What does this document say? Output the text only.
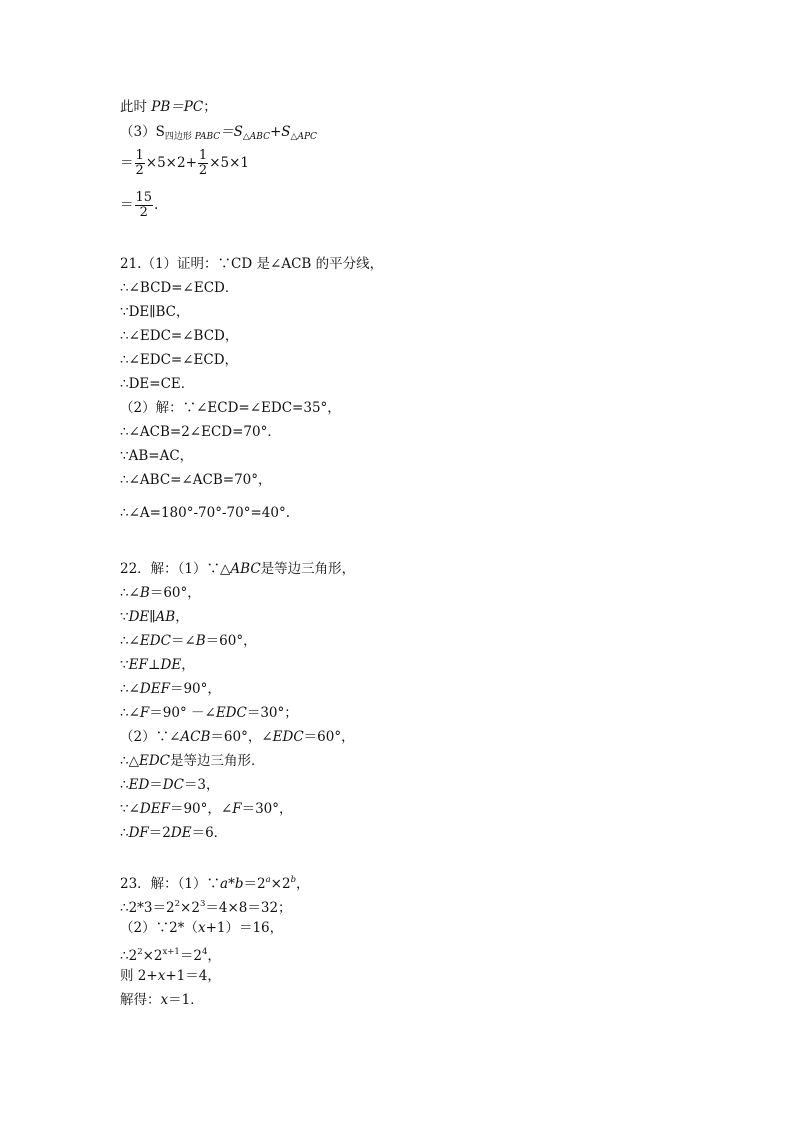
此时 PB＝PC；
$(3)S_{四边形}$ $_{PABC}=S_{\triangle ABC}+S_{\triangle APC}$
＝ $\frac{1}{2} \times 5\times 2+ \frac{1}{2} \times 5\times 1$
＝ $\frac{15}{2}$ .
21.（1）证明：∵CD 是∠ACB 的平分线，
∴∠BCD=∠ECD．
∵DE∥BC，
∴∠EDC=∠BCD，
∴∠EDC=∠ECD，
∴DE=CE．
（2）解：∵∠ECD=∠EDC=35°，
∴∠ACB=2∠ECD=70°．
∵AB=AC，
∴∠ABC=∠ACB=70°，
∴∠A=180°-70°-70°=40°.
22．解：（1）∵△ABC是等边三角形，
∴∠B＝60°，
∵DE∥AB，
∴∠EDC＝∠B＝60°，
∵EF⊥DE，
∴∠DEF＝90°，
∴∠F＝90° －∠EDC＝30°；
（2）∵∠ACB＝60°，∠EDC＝60°，
∴△EDC是等边三角形．
∴ED＝DC＝3，
∵∠DEF＝90°，∠F＝30°，
∴DF＝2DE＝6．
23．解：$(1)\because a*b=2^a\times 2^b$，
$\therefore 2*3=2^2\times 2^3=4\times 8=32$；
（2）∵2*（x+1）＝16，
$\therefore 2^2\times 2^{x+1}=2^4$，
则 2+x+1＝4，
解得：x＝1．
